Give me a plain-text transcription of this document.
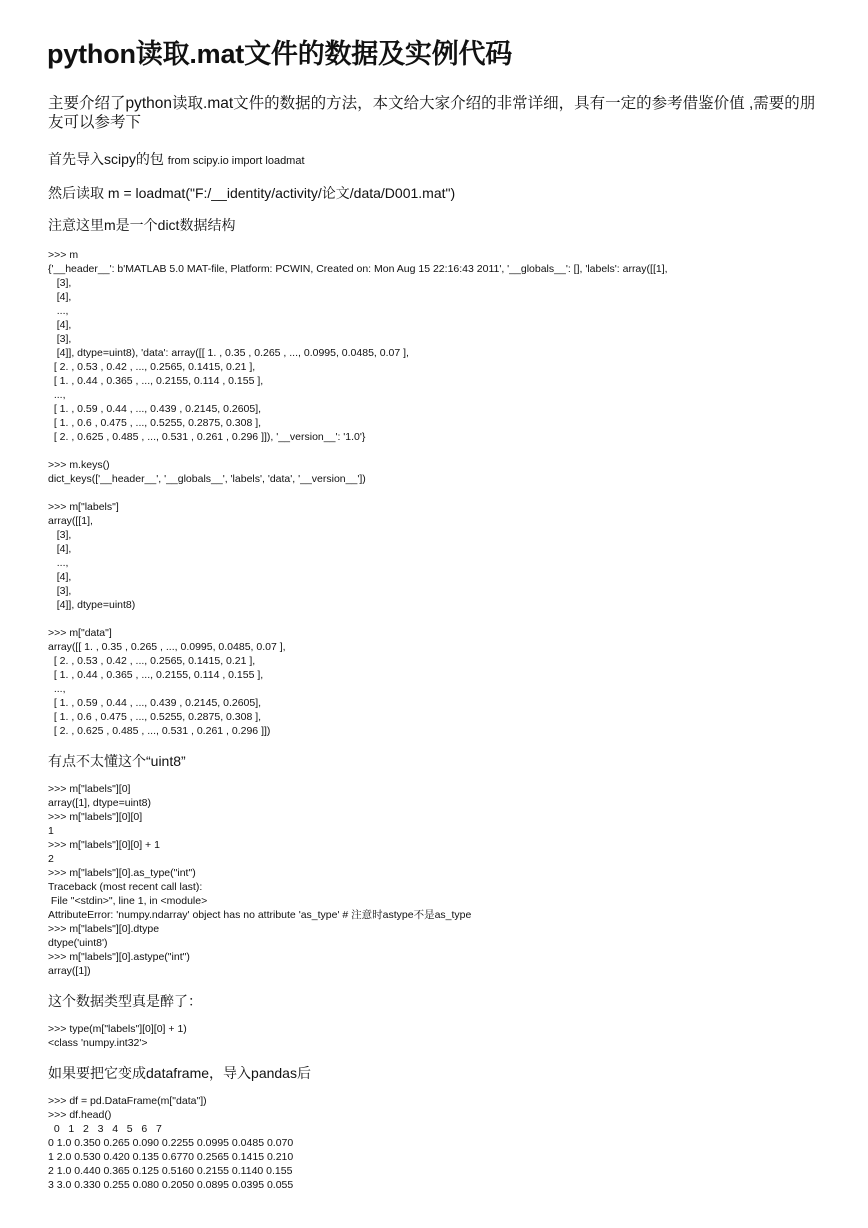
python读取.mat文件的数据及实例代码
主要介绍了python读取.mat文件的数据的方法，本文给大家介绍的非常详细，具有一定的参考借鉴价值 ,需要的朋友可以参考下
首先导入scipy的包 from scipy.io import loadmat
然后读取 m = loadmat("F:/__identity/activity/论文/data/D001.mat")
注意这里m是一个dict数据结构
>>> m
{'__header__': b'MATLAB 5.0 MAT-file, Platform: PCWIN, Created on: Mon Aug 15 22:16:43 2011', '__globals__': [], 'labels': array([[1],
[3],
[4],
...,
[4],
[3],
[4]], dtype=uint8), 'data': array([[ 1. , 0.35 , 0.265 , ..., 0.0995, 0.0485, 0.07 ],
[ 2. , 0.53 , 0.42 , ..., 0.2565, 0.1415, 0.21 ],
[ 1. , 0.44 , 0.365 , ..., 0.2155, 0.114 , 0.155 ],
...,
[ 1. , 0.59 , 0.44 , ..., 0.439 , 0.2145, 0.2605],
[ 1. , 0.6 , 0.475 , ..., 0.5255, 0.2875, 0.308 ],
[ 2. , 0.625 , 0.485 , ..., 0.531 , 0.261 , 0.296 ]]), '__version__': '1.0'}
>>> m.keys()
dict_keys(['__header__', '__globals__', 'labels', 'data', '__version__'])
>>> m["labels"]
array([[1],
[3],
[4],
...,
[4],
[3],
[4]], dtype=uint8)
>>> m["data"]
array([[ 1. , 0.35 , 0.265 , ..., 0.0995, 0.0485, 0.07 ],
[ 2. , 0.53 , 0.42 , ..., 0.2565, 0.1415, 0.21 ],
[ 1. , 0.44 , 0.365 , ..., 0.2155, 0.114 , 0.155 ],
...,
[ 1. , 0.59 , 0.44 , ..., 0.439 , 0.2145, 0.2605],
[ 1. , 0.6 , 0.475 , ..., 0.5255, 0.2875, 0.308 ],
[ 2. , 0.625 , 0.485 , ..., 0.531 , 0.261 , 0.296 ]])
有点不太懂这个“uint8”
>>> m["labels"][0]
array([1], dtype=uint8)
>>> m["labels"][0][0]
1
>>> m["labels"][0][0] + 1
2
>>> m["labels"][0].as_type("int")
Traceback (most recent call last):
File "<stdin>", line 1, in <module>
AttributeError: 'numpy.ndarray' object has no attribute 'as_type' # 注意时astype不是as_type
>>> m["labels"][0].dtype
dtype('uint8')
>>> m["labels"][0].astype("int")
array([1])
这个数据类型真是醉了：
>>> type(m["labels"][0][0] + 1)
<class 'numpy.int32'>
如果要把它变成dataframe，导入pandas后
>>> df = pd.DataFrame(m["data"])
>>> df.head()
0   1   2   3   4   5   6   7
0 1.0 0.350 0.265 0.090 0.2255 0.0995 0.0485 0.070
1 2.0 0.530 0.420 0.135 0.6770 0.2565 0.1415 0.210
2 1.0 0.440 0.365 0.125 0.5160 0.2155 0.1140 0.155
3 3.0 0.330 0.255 0.080 0.2050 0.0895 0.0395 0.055
